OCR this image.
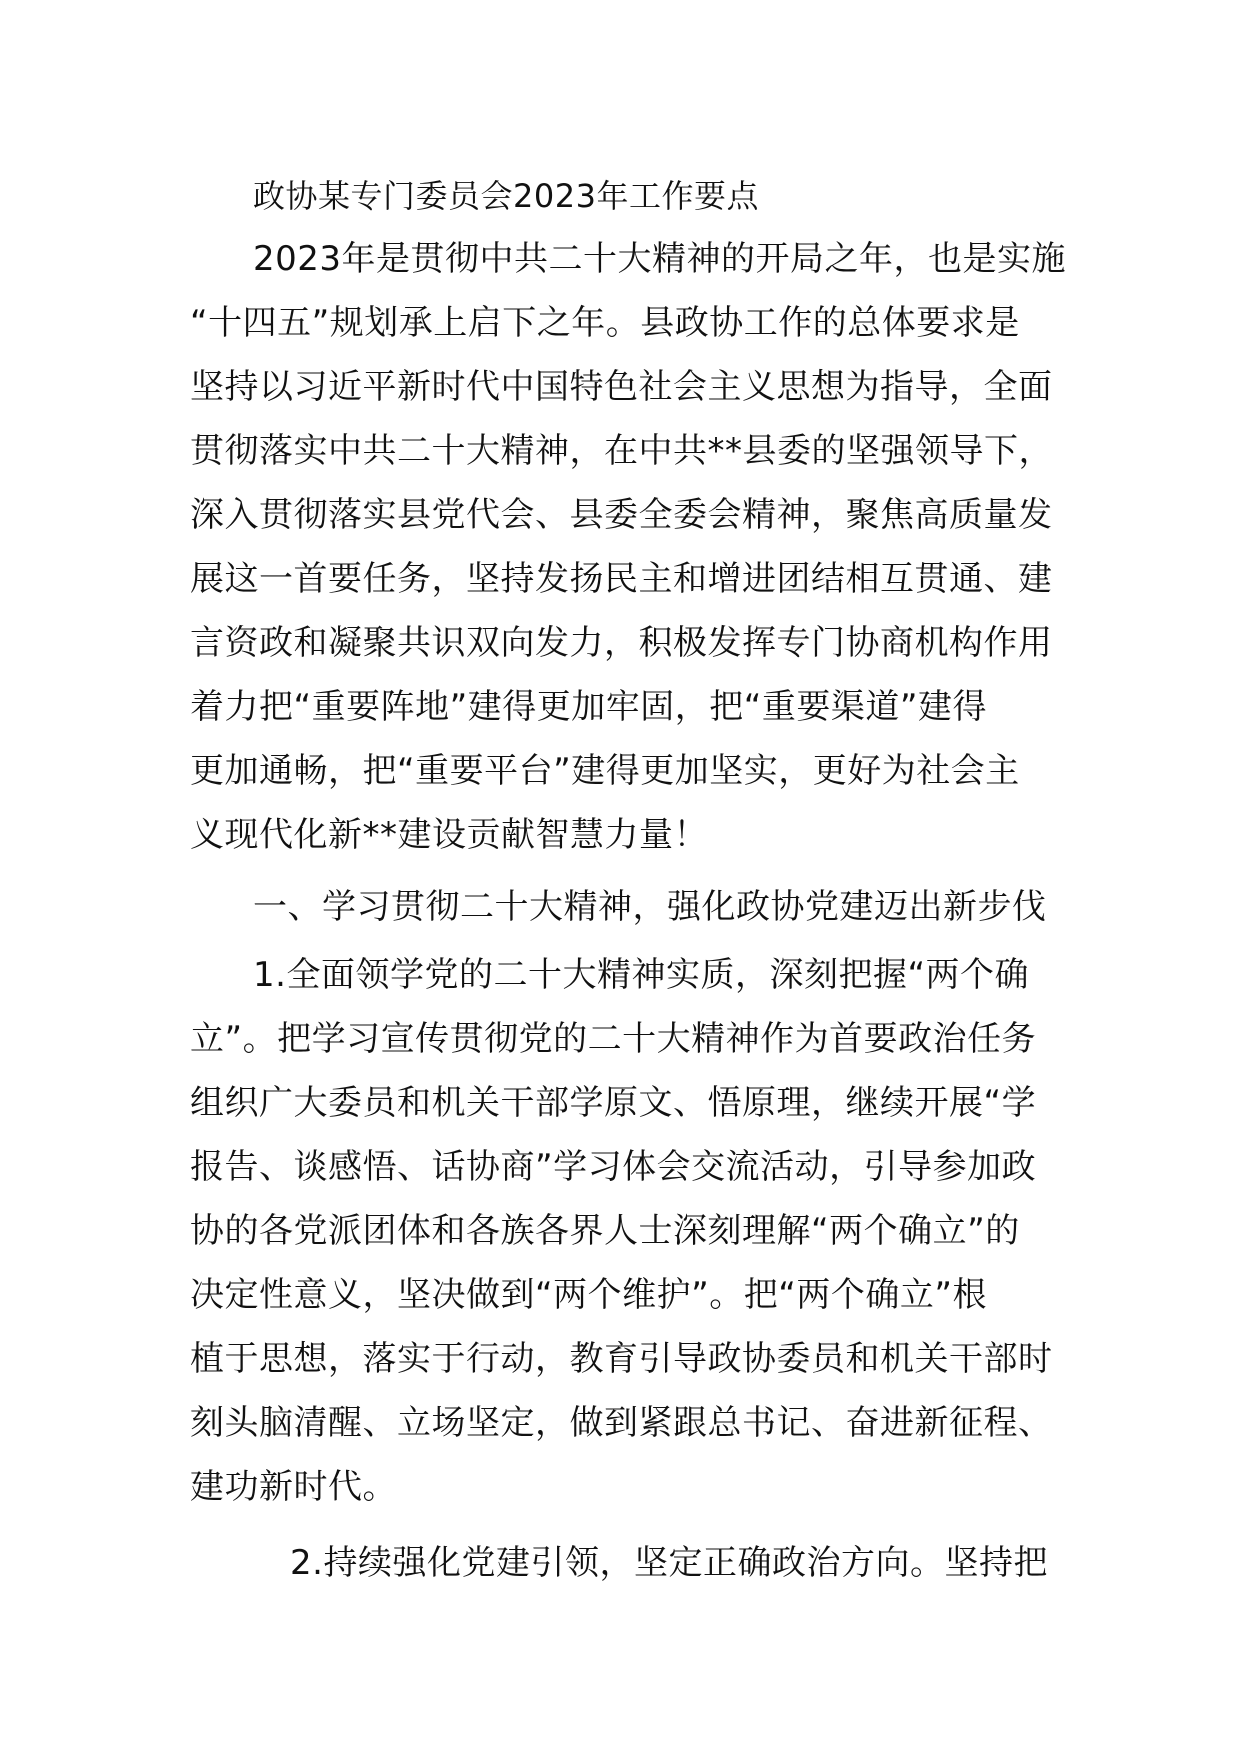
政协某专门委员会2023年工作要点
2023年是贯彻中共二十大精神的开局之年，也是实施
“十四五”规划承上启下之年。县政协工作的总体要求是
坚持以习近平新时代中国特色社会主义思想为指导，全面
贯彻落实中共二十大精神，在中共**县委的坚强领导下，
深入贯彻落实县党代会、县委全委会精神，聚焦高质量发
展这一首要任务，坚持发扬民主和增进团结相互贯通、建
言资政和凝聚共识双向发力，积极发挥专门协商机构作用
着力把“重要阵地”建得更加牢固，把“重要渠道”建得
更加通畅，把“重要平台”建得更加坚实，更好为社会主
义现代化新**建设贡献智慧力量！
一、学习贯彻二十大精神，强化政协党建迈出新步伐
1.全面领学党的二十大精神实质，深刻把握“两个确
立”。把学习宣传贯彻党的二十大精神作为首要政治任务
组织广大委员和机关干部学原文、悟原理，继续开展“学
报告、谈感悟、话协商”学习体会交流活动，引导参加政
协的各党派团体和各族各界人士深刻理解“两个确立”的
决定性意义，坚决做到“两个维护”。把“两个确立”根
植于思想，落实于行动，教育引导政协委员和机关干部时
刻头脑清醒、立场坚定，做到紧跟总书记、奋进新征程、
建功新时代。
2.持续强化党建引领，坚定正确政治方向。坚持把
